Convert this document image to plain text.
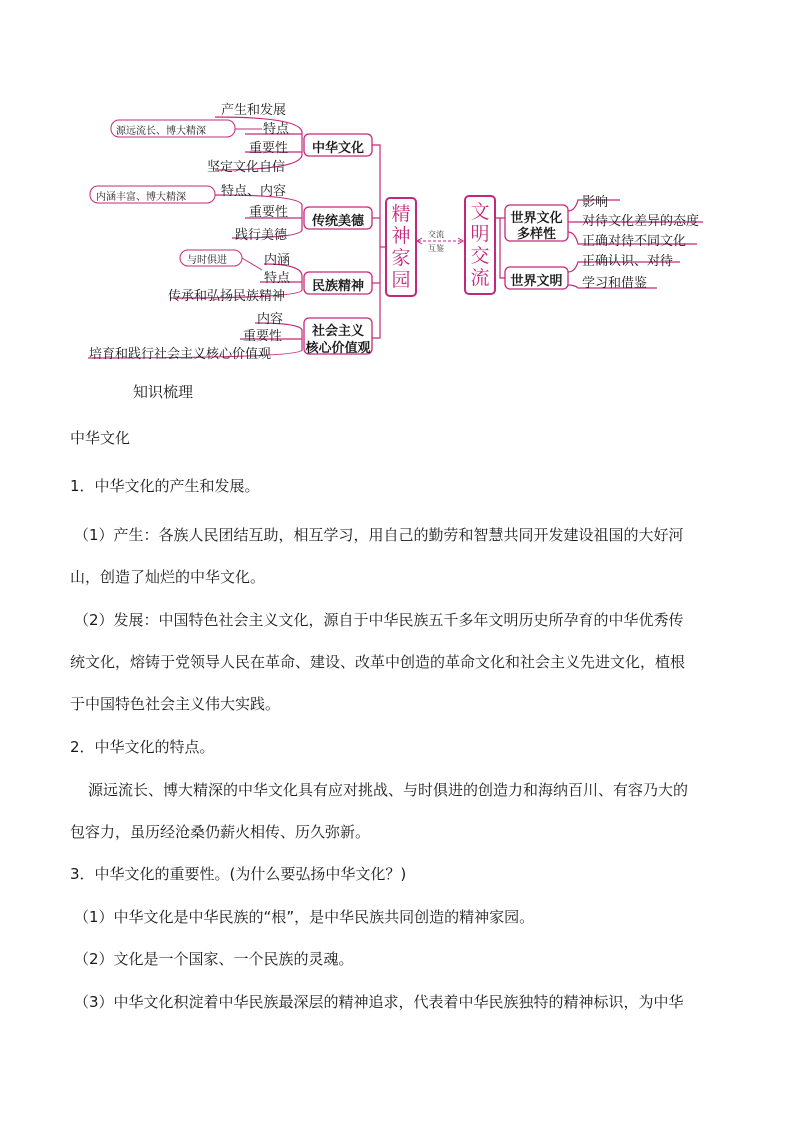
精神家园
文明交流
交流
互鉴
中华文化
产生和发展
特点
重要性
坚定文化自信
源远流长、博大精深
传统美德
特点、内容
重要性
践行美德
内涵丰富、博大精深
民族精神
内涵
特点
传承和弘扬民族精神
与时俱进
社会主义
核心价值观
内容
重要性
培育和践行社会主义核心价值观
世界文化
多样性
影响
对待文化差异的态度
正确对待不同文化
世界文明
正确认识、对待
学习和借鉴
知识梳理
中华文化

1．中华文化的产生和发展。

（1）产生：各族人民团结互助，相互学习，用自己的勤劳和智慧共同开发建设祖国的大好河

山，创造了灿烂的中华文化。

（2）发展：中国特色社会主义文化，源自于中华民族五千多年文明历史所孕育的中华优秀传

统文化，熔铸于党领导人民在革命、建设、改革中创造的革命文化和社会主义先进文化，植根

于中国特色社会主义伟大实践。

2．中华文化的特点。

源远流长、博大精深的中华文化具有应对挑战、与时俱进的创造力和海纳百川、有容乃大的

包容力，虽历经沧桑仍薪火相传、历久弥新。

3．中华文化的重要性。(为什么要弘扬中华文化？)

（1）中华文化是中华民族的“根”，是中华民族共同创造的精神家园。

（2）文化是一个国家、一个民族的灵魂。

（3）中华文化积淀着中华民族最深层的精神追求，代表着中华民族独特的精神标识，为中华
